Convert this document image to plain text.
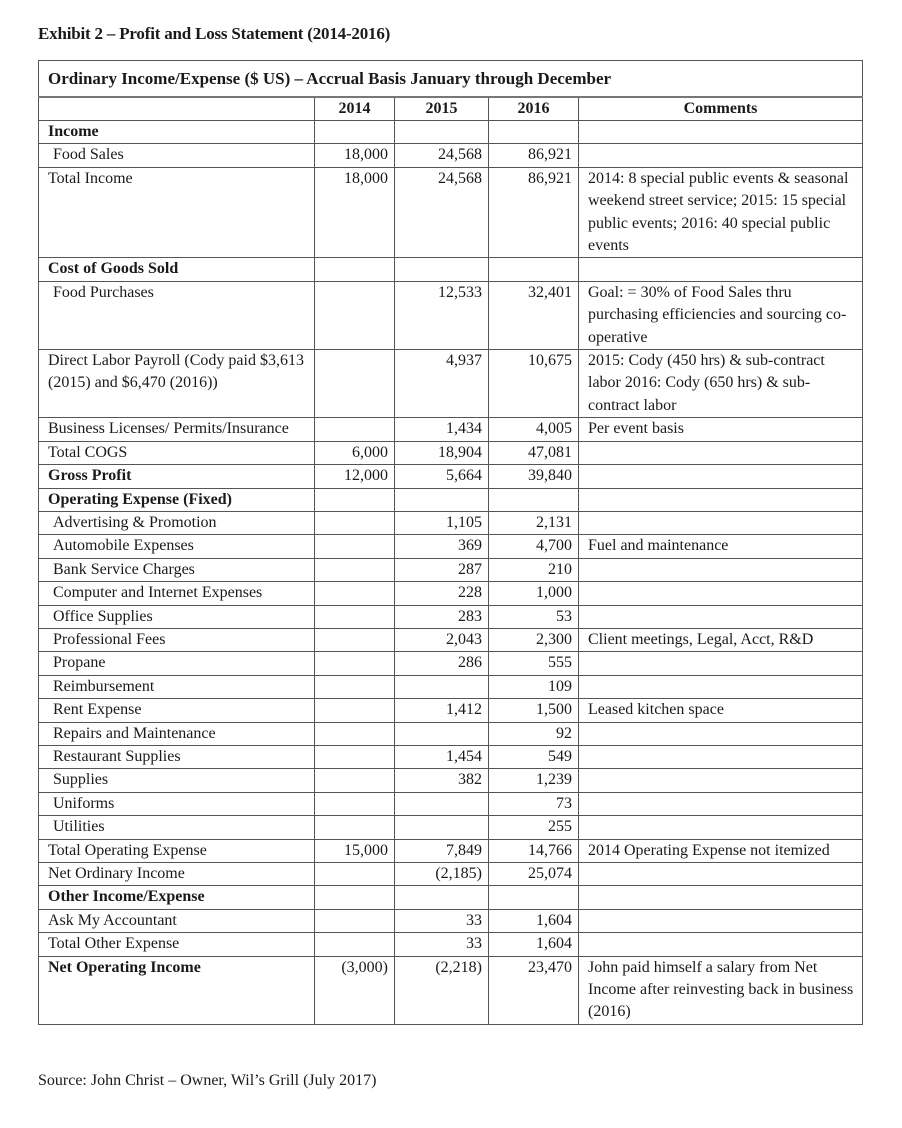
Exhibit 2 – Profit and Loss Statement (2014-2016)
Ordinary Income/Expense ($ US) – Accrual Basis January through December				
	2014	2015	2016	Comments
Income				
Food Sales	18,000	24,568	86,921	
Total Income	18,000	24,568	86,921	2014: 8 special public events & seasonal weekend street service; 2015: 15 special public events; 2016: 40 special public events
Cost of Goods Sold				
Food Purchases		12,533	32,401	Goal: = 30% of Food Sales thru purchasing efficiencies and sourcing co-operative
Direct Labor Payroll (Cody paid $3,613 (2015) and $6,470 (2016))		4,937	10,675	2015: Cody (450 hrs) & sub-contract labor 2016: Cody (650 hrs) & sub-contract labor
Business Licenses/ Permits/Insurance		1,434	4,005	Per event basis
Total COGS	6,000	18,904	47,081	
Gross Profit	12,000	5,664	39,840	
Operating Expense (Fixed)				
Advertising & Promotion		1,105	2,131	
Automobile Expenses		369	4,700	Fuel and maintenance
Bank Service Charges		287	210	
Computer and Internet Expenses		228	1,000	
Office Supplies		283	53	
Professional Fees		2,043	2,300	Client meetings, Legal, Acct, R&D
Propane		286	555	
Reimbursement			109	
Rent Expense		1,412	1,500	Leased kitchen space
Repairs and Maintenance			92	
Restaurant Supplies		1,454	549	
Supplies		382	1,239	
Uniforms			73	
Utilities			255	
Total Operating Expense	15,000	7,849	14,766	2014 Operating Expense not itemized
Net Ordinary Income		(2,185)	25,074	
Other Income/Expense				
Ask My Accountant		33	1,604	
Total Other Expense		33	1,604	
Net Operating Income	(3,000)	(2,218)	23,470	John paid himself a salary from Net Income after reinvesting back in business (2016)
Source: John Christ – Owner, Wil’s Grill (July 2017)
